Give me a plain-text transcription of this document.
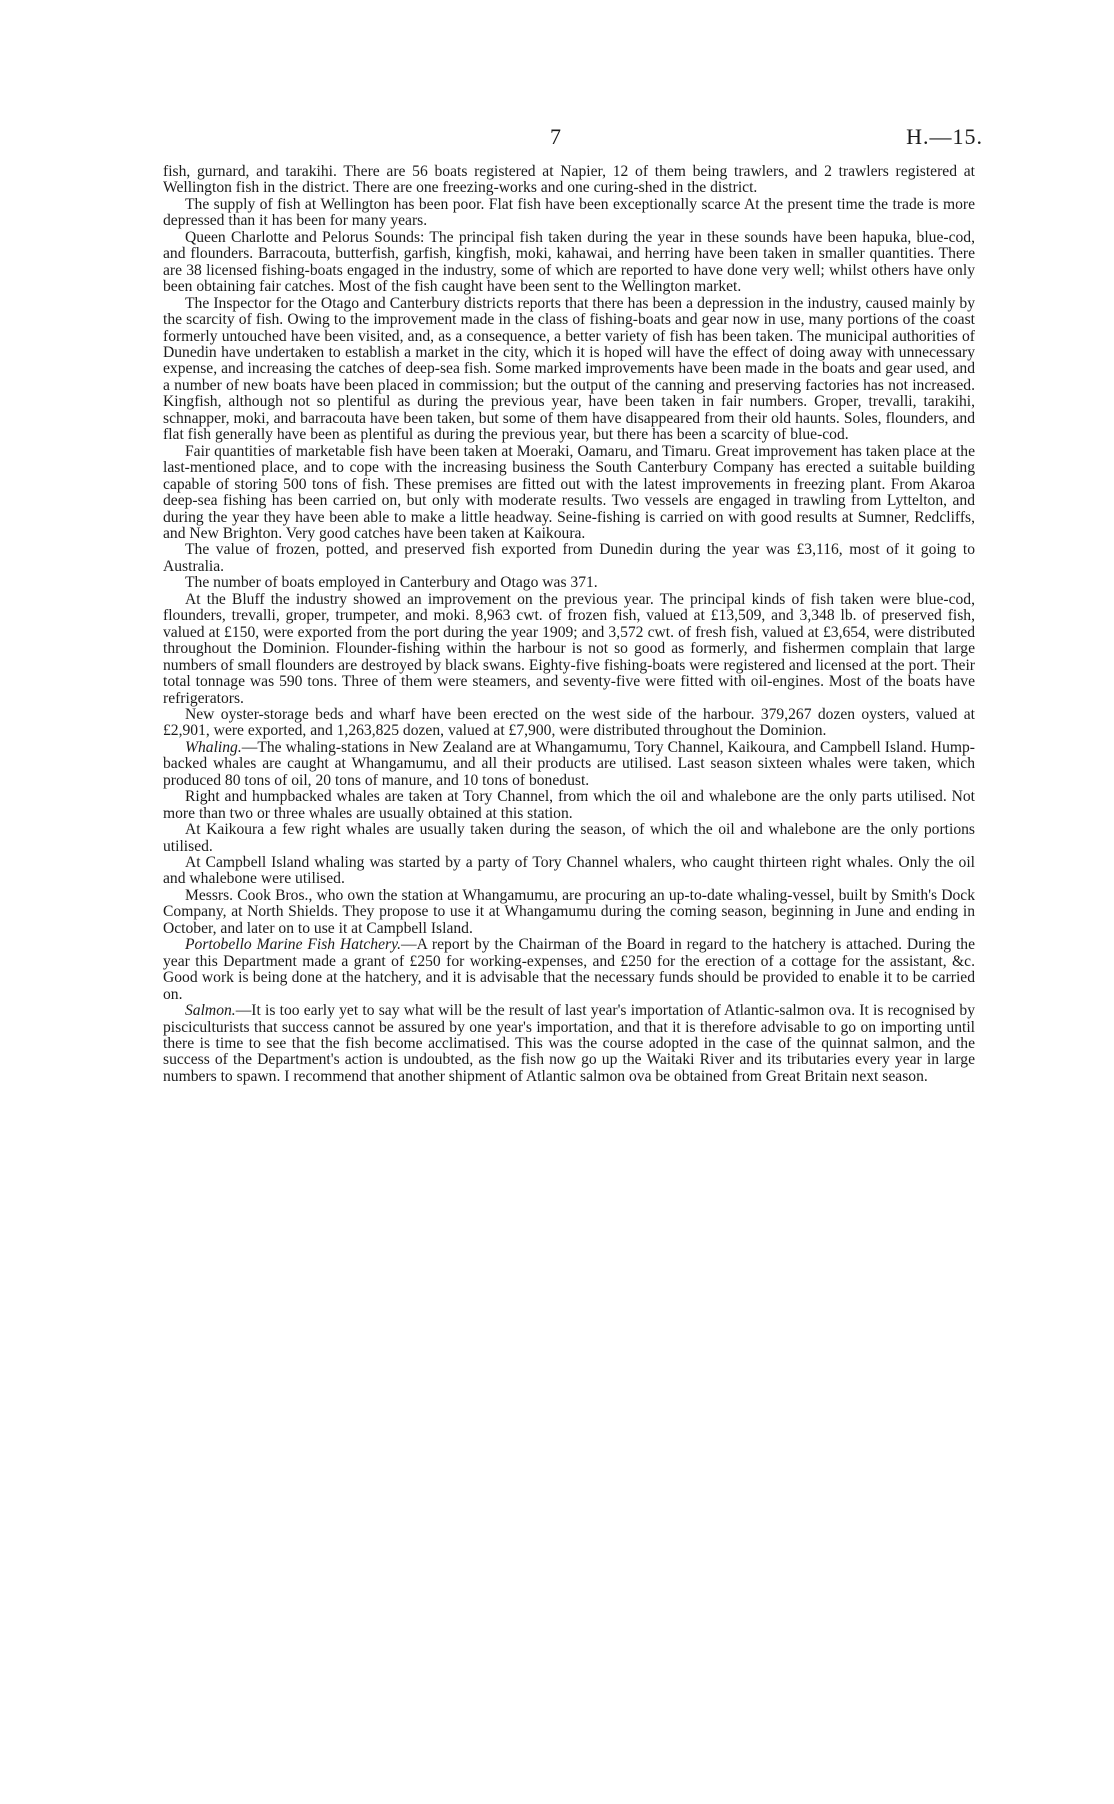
7	H.—15.

fish, gurnard, and tarakihi. There are 56 boats registered at Napier, 12 of them being trawlers, and 2 trawlers registered at Wellington fish in the district. There are one freezing-works and one curing-shed in the district.

The supply of fish at Wellington has been poor. Flat fish have been exceptionally scarce At the present time the trade is more depressed than it has been for many years.

Queen Charlotte and Pelorus Sounds: The principal fish taken during the year in these sounds have been hapuka, blue-cod, and flounders. Barracouta, butterfish, garfish, kingfish, moki, kahawai, and herring have been taken in smaller quantities. There are 38 licensed fishing-boats engaged in the industry, some of which are reported to have done very well; whilst others have only been obtaining fair catches. Most of the fish caught have been sent to the Wellington market.

The Inspector for the Otago and Canterbury districts reports that there has been a depression in the industry, caused mainly by the scarcity of fish. Owing to the improvement made in the class of fishing-boats and gear now in use, many portions of the coast formerly untouched have been visited, and, as a consequence, a better variety of fish has been taken. The municipal authorities of Dunedin have undertaken to establish a market in the city, which it is hoped will have the effect of doing away with unnecessary expense, and increasing the catches of deep-sea fish. Some marked improvements have been made in the boats and gear used, and a number of new boats have been placed in commission; but the output of the canning and preserving factories has not increased. Kingfish, although not so plentiful as during the previous year, have been taken in fair numbers. Groper, trevalli, tarakihi, schnapper, moki, and barracouta have been taken, but some of them have disappeared from their old haunts. Soles, flounders, and flat fish generally have been as plentiful as during the previous year, but there has been a scarcity of blue-cod.

Fair quantities of marketable fish have been taken at Moeraki, Oamaru, and Timaru. Great improvement has taken place at the last-mentioned place, and to cope with the increasing business the South Canterbury Company has erected a suitable building capable of storing 500 tons of fish. These premises are fitted out with the latest improvements in freezing plant. From Akaroa deep-sea fishing has been carried on, but only with moderate results. Two vessels are engaged in trawling from Lyttelton, and during the year they have been able to make a little headway. Seine-fishing is carried on with good results at Sumner, Redcliffs, and New Brighton. Very good catches have been taken at Kaikoura.

The value of frozen, potted, and preserved fish exported from Dunedin during the year was £3,116, most of it going to Australia.

The number of boats employed in Canterbury and Otago was 371.

At the Bluff the industry showed an improvement on the previous year. The principal kinds of fish taken were blue-cod, flounders, trevalli, groper, trumpeter, and moki. 8,963 cwt. of frozen fish, valued at £13,509, and 3,348 lb. of preserved fish, valued at £150, were exported from the port during the year 1909; and 3,572 cwt. of fresh fish, valued at £3,654, were distributed throughout the Dominion. Flounder-fishing within the harbour is not so good as formerly, and fishermen complain that large numbers of small flounders are destroyed by black swans. Eighty-five fishing-boats were registered and licensed at the port. Their total tonnage was 590 tons. Three of them were steamers, and seventy-five were fitted with oil-engines. Most of the boats have refrigerators.

New oyster-storage beds and wharf have been erected on the west side of the harbour. 379,267 dozen oysters, valued at £2,901, were exported, and 1,263,825 dozen, valued at £7,900, were distributed throughout the Dominion.

Whaling.—The whaling-stations in New Zealand are at Whangamumu, Tory Channel, Kaikoura, and Campbell Island. Hump-backed whales are caught at Whangamumu, and all their products are utilised. Last season sixteen whales were taken, which produced 80 tons of oil, 20 tons of manure, and 10 tons of bonedust.

Right and humpbacked whales are taken at Tory Channel, from which the oil and whalebone are the only parts utilised. Not more than two or three whales are usually obtained at this station.

At Kaikoura a few right whales are usually taken during the season, of which the oil and whalebone are the only portions utilised.

At Campbell Island whaling was started by a party of Tory Channel whalers, who caught thirteen right whales. Only the oil and whalebone were utilised.

Messrs. Cook Bros., who own the station at Whangamumu, are procuring an up-to-date whaling-vessel, built by Smith's Dock Company, at North Shields. They propose to use it at Whangamumu during the coming season, beginning in June and ending in October, and later on to use it at Campbell Island.

Portobello Marine Fish Hatchery.—A report by the Chairman of the Board in regard to the hatchery is attached. During the year this Department made a grant of £250 for working-expenses, and £250 for the erection of a cottage for the assistant, &c. Good work is being done at the hatchery, and it is advisable that the necessary funds should be provided to enable it to be carried on.

Salmon.—It is too early yet to say what will be the result of last year's importation of Atlantic-salmon ova. It is recognised by pisciculturists that success cannot be assured by one year's importation, and that it is therefore advisable to go on importing until there is time to see that the fish become acclimatised. This was the course adopted in the case of the quinnat salmon, and the success of the Department's action is undoubted, as the fish now go up the Waitaki River and its tributaries every year in large numbers to spawn. I recommend that another shipment of Atlantic salmon ova be obtained from Great Britain next season.
